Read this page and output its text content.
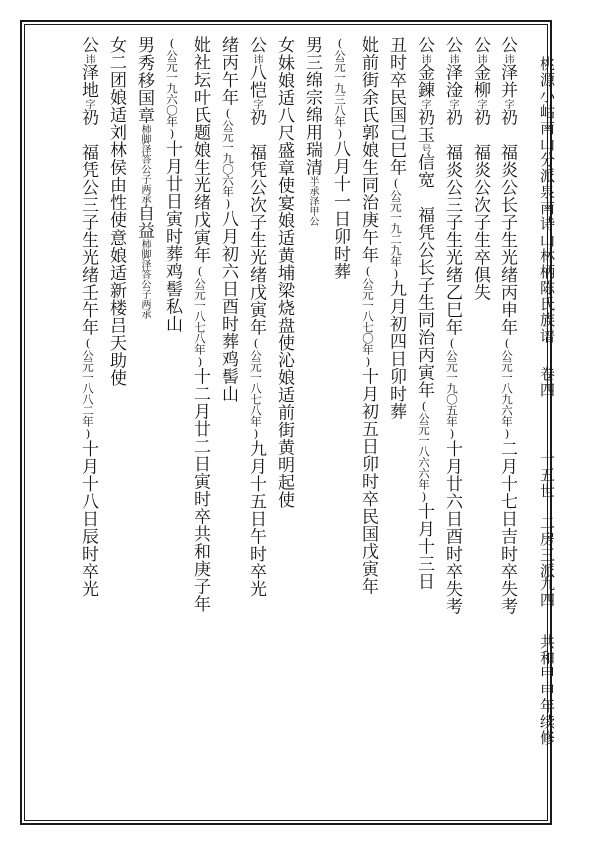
桃源小岵南山分派泉南诗山林柄陈氏族谱
卷四
十五世　二房三派
九四
共和甲申年续修
公讳泽并字礽　福炎公长子生光绪丙申年(公元一八九六年)二月十七日吉时卒失考
公讳金柳字礽　福炎公次子生卒俱失
公讳泽淦字礽　福炎公三子生光绪乙巳年(公元一九〇五年)十月廿六日酉时卒失考
公讳金錬字礽玉号信宽　福凭公长子生同治丙寅年(公元一八六六年)十月十三日
丑时卒民国己巳年(公元一九二九年)九月初四日卯时葬
妣前街余氏郭娘生同治庚午年(公元一八七〇年)十月初五日卯时卒民国戊寅年
(公元一九三八年)八月十一日卯时葬
男三绵宗绵用瑞清半承泽甲公
女妹娘适八尺盛章使宴娘适黄埔梁烧盘使沁娘适前街黄明起使
公讳八恺字礽　福凭公次子生光绪戊寅年(公元一八七八年)九月十五日午时卒光
绪丙午年(公元一九〇六年)八月初六日酉时葬鸡髻山
妣社坛叶氏题娘生光绪戊寅年(公元一八七八年)十二月廿二日寅时卒共和庚子年
(公元一九六〇年)十月廿日寅时葬鸡髻私山
男秀移国章柿脚泽答公子两承自益柿脚泽答公子两承
女二团娘适刘林侯由性使意娘适新楼吕天助使
公讳泽地字礽　福凭公三子生光绪壬午年(公元一八八二年)十月十八日辰时卒光
